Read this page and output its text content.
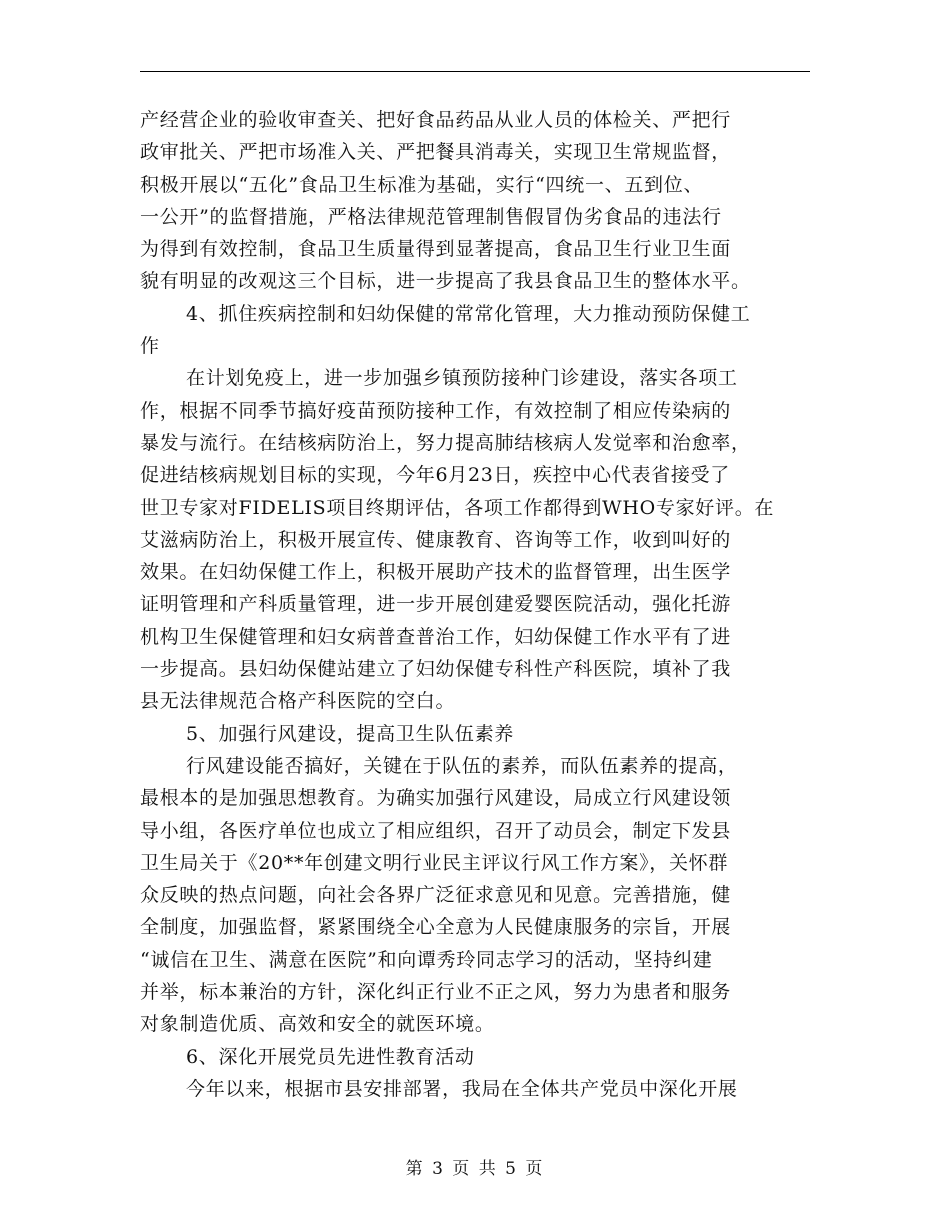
产经营企业的验收审查关、把好食品药品从业人员的体检关、严把行
政审批关、严把市场准入关、严把餐具消毒关，实现卫生常规监督，
积极开展以“五化”食品卫生标准为基础，实行“四统一、五到位、
一公开”的监督措施，严格法律规范管理制售假冒伪劣食品的违法行
为得到有效控制，食品卫生质量得到显著提高，食品卫生行业卫生面
貌有明显的改观这三个目标，进一步提高了我县食品卫生的整体水平。
4、抓住疾病控制和妇幼保健的常常化管理，大力推动预防保健工
作
在计划免疫上，进一步加强乡镇预防接种门诊建设，落实各项工
作，根据不同季节搞好疫苗预防接种工作，有效控制了相应传染病的
暴发与流行。在结核病防治上，努力提高肺结核病人发觉率和治愈率，
促进结核病规划目标的实现，今年6月23日，疾控中心代表省接受了
世卫专家对FIDELIS项目终期评估，各项工作都得到WHO专家好评。在
艾滋病防治上，积极开展宣传、健康教育、咨询等工作，收到叫好的
效果。在妇幼保健工作上，积极开展助产技术的监督管理，出生医学
证明管理和产科质量管理，进一步开展创建爱婴医院活动，强化托游
机构卫生保健管理和妇女病普查普治工作，妇幼保健工作水平有了进
一步提高。县妇幼保健站建立了妇幼保健专科性产科医院，填补了我
县无法律规范合格产科医院的空白。
5、加强行风建设，提高卫生队伍素养
行风建设能否搞好，关键在于队伍的素养，而队伍素养的提高，
最根本的是加强思想教育。为确实加强行风建设，局成立行风建设领
导小组，各医疗单位也成立了相应组织，召开了动员会，制定下发县
卫生局关于《20**年创建文明行业民主评议行风工作方案》，关怀群
众反映的热点问题，向社会各界广泛征求意见和见意。完善措施，健
全制度，加强监督，紧紧围绕全心全意为人民健康服务的宗旨，开展
“诚信在卫生、满意在医院”和向谭秀玲同志学习的活动，坚持纠建
并举，标本兼治的方针，深化纠正行业不正之风，努力为患者和服务
对象制造优质、高效和安全的就医环境。
6、深化开展党员先进性教育活动
今年以来，根据市县安排部署，我局在全体共产党员中深化开展
第 3 页 共 5 页
